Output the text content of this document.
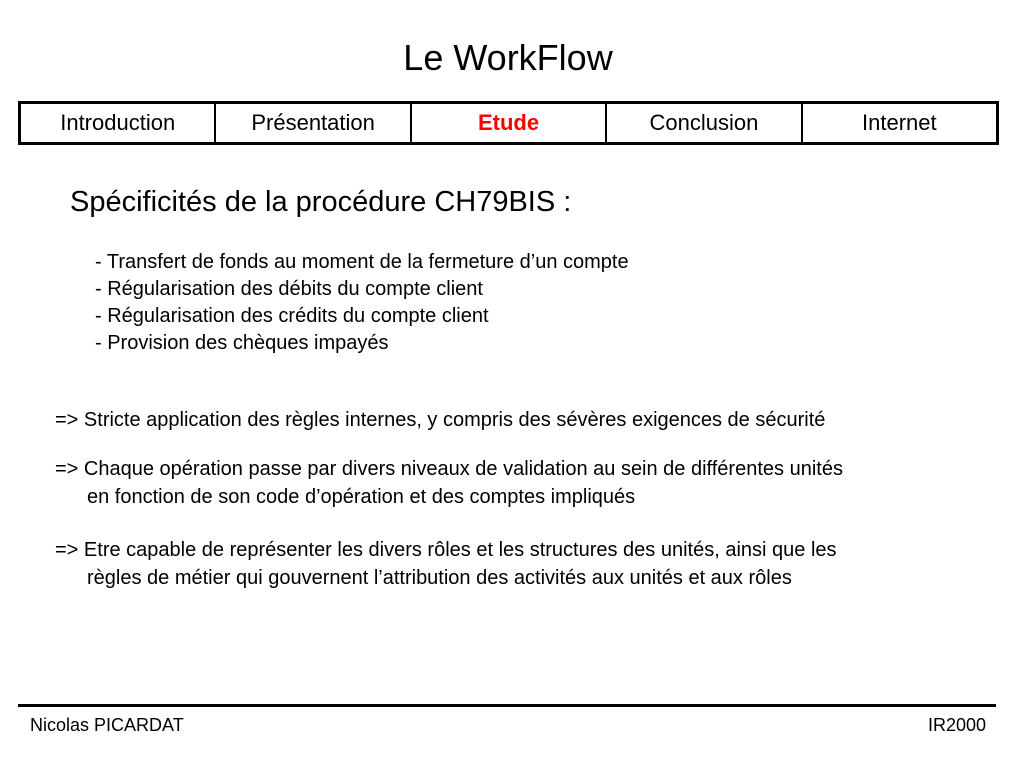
Le WorkFlow
Introduction	Présentation	Etude	Conclusion	Internet
Spécificités de la procédure CH79BIS :
- Transfert de fonds au moment de la fermeture d’un compte
- Régularisation des débits du compte client
- Régularisation des crédits du compte client
- Provision des chèques impayés
=> Stricte application des règles internes, y compris des sévères exigences de sécurité
=> Chaque opération passe par divers niveaux de validation au sein de différentes unités
en fonction de son code d’opération et des comptes impliqués
=> Etre capable de représenter les divers rôles et les structures des unités, ainsi que les
règles de métier qui gouvernent l’attribution des activités aux unités et aux rôles
Nicolas PICARDAT	IR2000
